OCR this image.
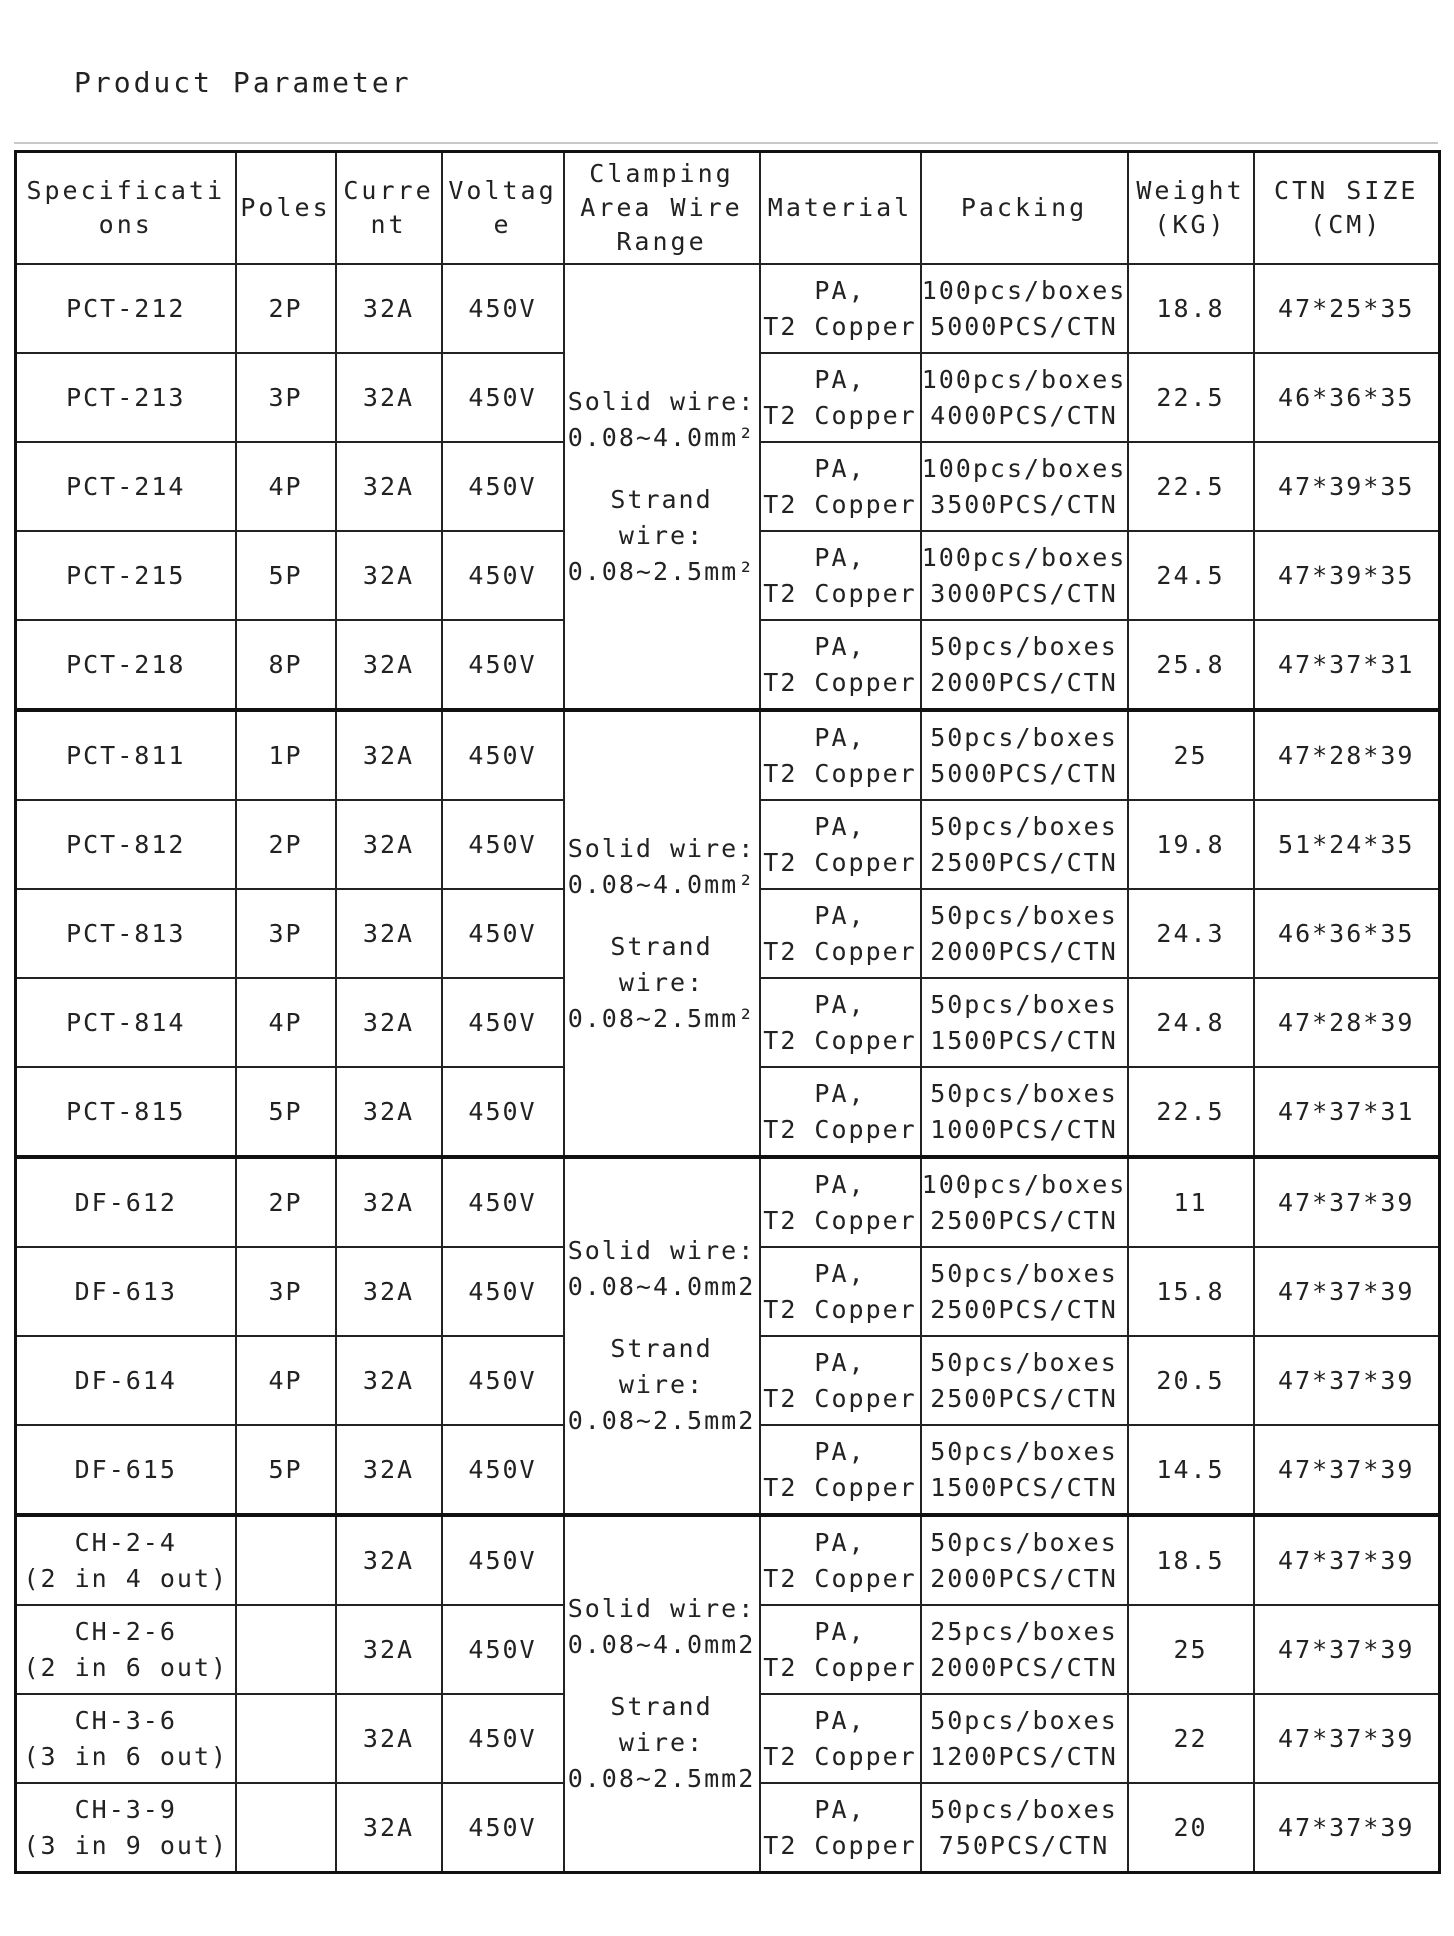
Product Parameter
Specificati
ons	Poles	Curre
nt	Voltag
e	Clamping
Area Wire
Range	Material	Packing	Weight
(KG)	CTN SIZE
(CM)

PCT-212	2P	32A	450V	Solid wire:
0.08~4.0mm²
Strand wire:
0.08~2.5mm²	PA,
T2 Copper	100pcs/boxes
5000PCS/CTN	18.8	47*25*35

PCT-213	3P	32A	450V		PA,
T2 Copper	100pcs/boxes
4000PCS/CTN	22.5	46*36*35

PCT-214	4P	32A	450V		PA,
T2 Copper	100pcs/boxes
3500PCS/CTN	22.5	47*39*35

PCT-215	5P	32A	450V		PA,
T2 Copper	100pcs/boxes
3000PCS/CTN	24.5	47*39*35

PCT-218	8P	32A	450V		PA,
T2 Copper	50pcs/boxes
2000PCS/CTN	25.8	47*37*31

PCT-811	1P	32A	450V	Solid wire:
0.08~4.0mm²
Strand wire:
0.08~2.5mm²	PA,
T2 Copper	50pcs/boxes
5000PCS/CTN	25	47*28*39

PCT-812	2P	32A	450V		PA,
T2 Copper	50pcs/boxes
2500PCS/CTN	19.8	51*24*35

PCT-813	3P	32A	450V		PA,
T2 Copper	50pcs/boxes
2000PCS/CTN	24.3	46*36*35

PCT-814	4P	32A	450V		PA,
T2 Copper	50pcs/boxes
1500PCS/CTN	24.8	47*28*39

PCT-815	5P	32A	450V		PA,
T2 Copper	50pcs/boxes
1000PCS/CTN	22.5	47*37*31

DF-612	2P	32A	450V	Solid wire:
0.08~4.0mm2
Strand wire:
0.08~2.5mm2	PA,
T2 Copper	100pcs/boxes
2500PCS/CTN	11	47*37*39

DF-613	3P	32A	450V		PA,
T2 Copper	50pcs/boxes
2500PCS/CTN	15.8	47*37*39

DF-614	4P	32A	450V		PA,
T2 Copper	50pcs/boxes
2500PCS/CTN	20.5	47*37*39

DF-615	5P	32A	450V		PA,
T2 Copper	50pcs/boxes
1500PCS/CTN	14.5	47*37*39

CH-2-4
(2 in 4 out)		32A	450V	Solid wire:
0.08~4.0mm2
Strand wire:
0.08~2.5mm2	PA,
T2 Copper	50pcs/boxes
2000PCS/CTN	18.5	47*37*39

CH-2-6
(2 in 6 out)		32A	450V		PA,
T2 Copper	25pcs/boxes
2000PCS/CTN	25	47*37*39

CH-3-6
(3 in 6 out)		32A	450V		PA,
T2 Copper	50pcs/boxes
1200PCS/CTN	22	47*37*39

CH-3-9
(3 in 9 out)		32A	450V		PA,
T2 Copper	50pcs/boxes
750PCS/CTN	20	47*37*39
